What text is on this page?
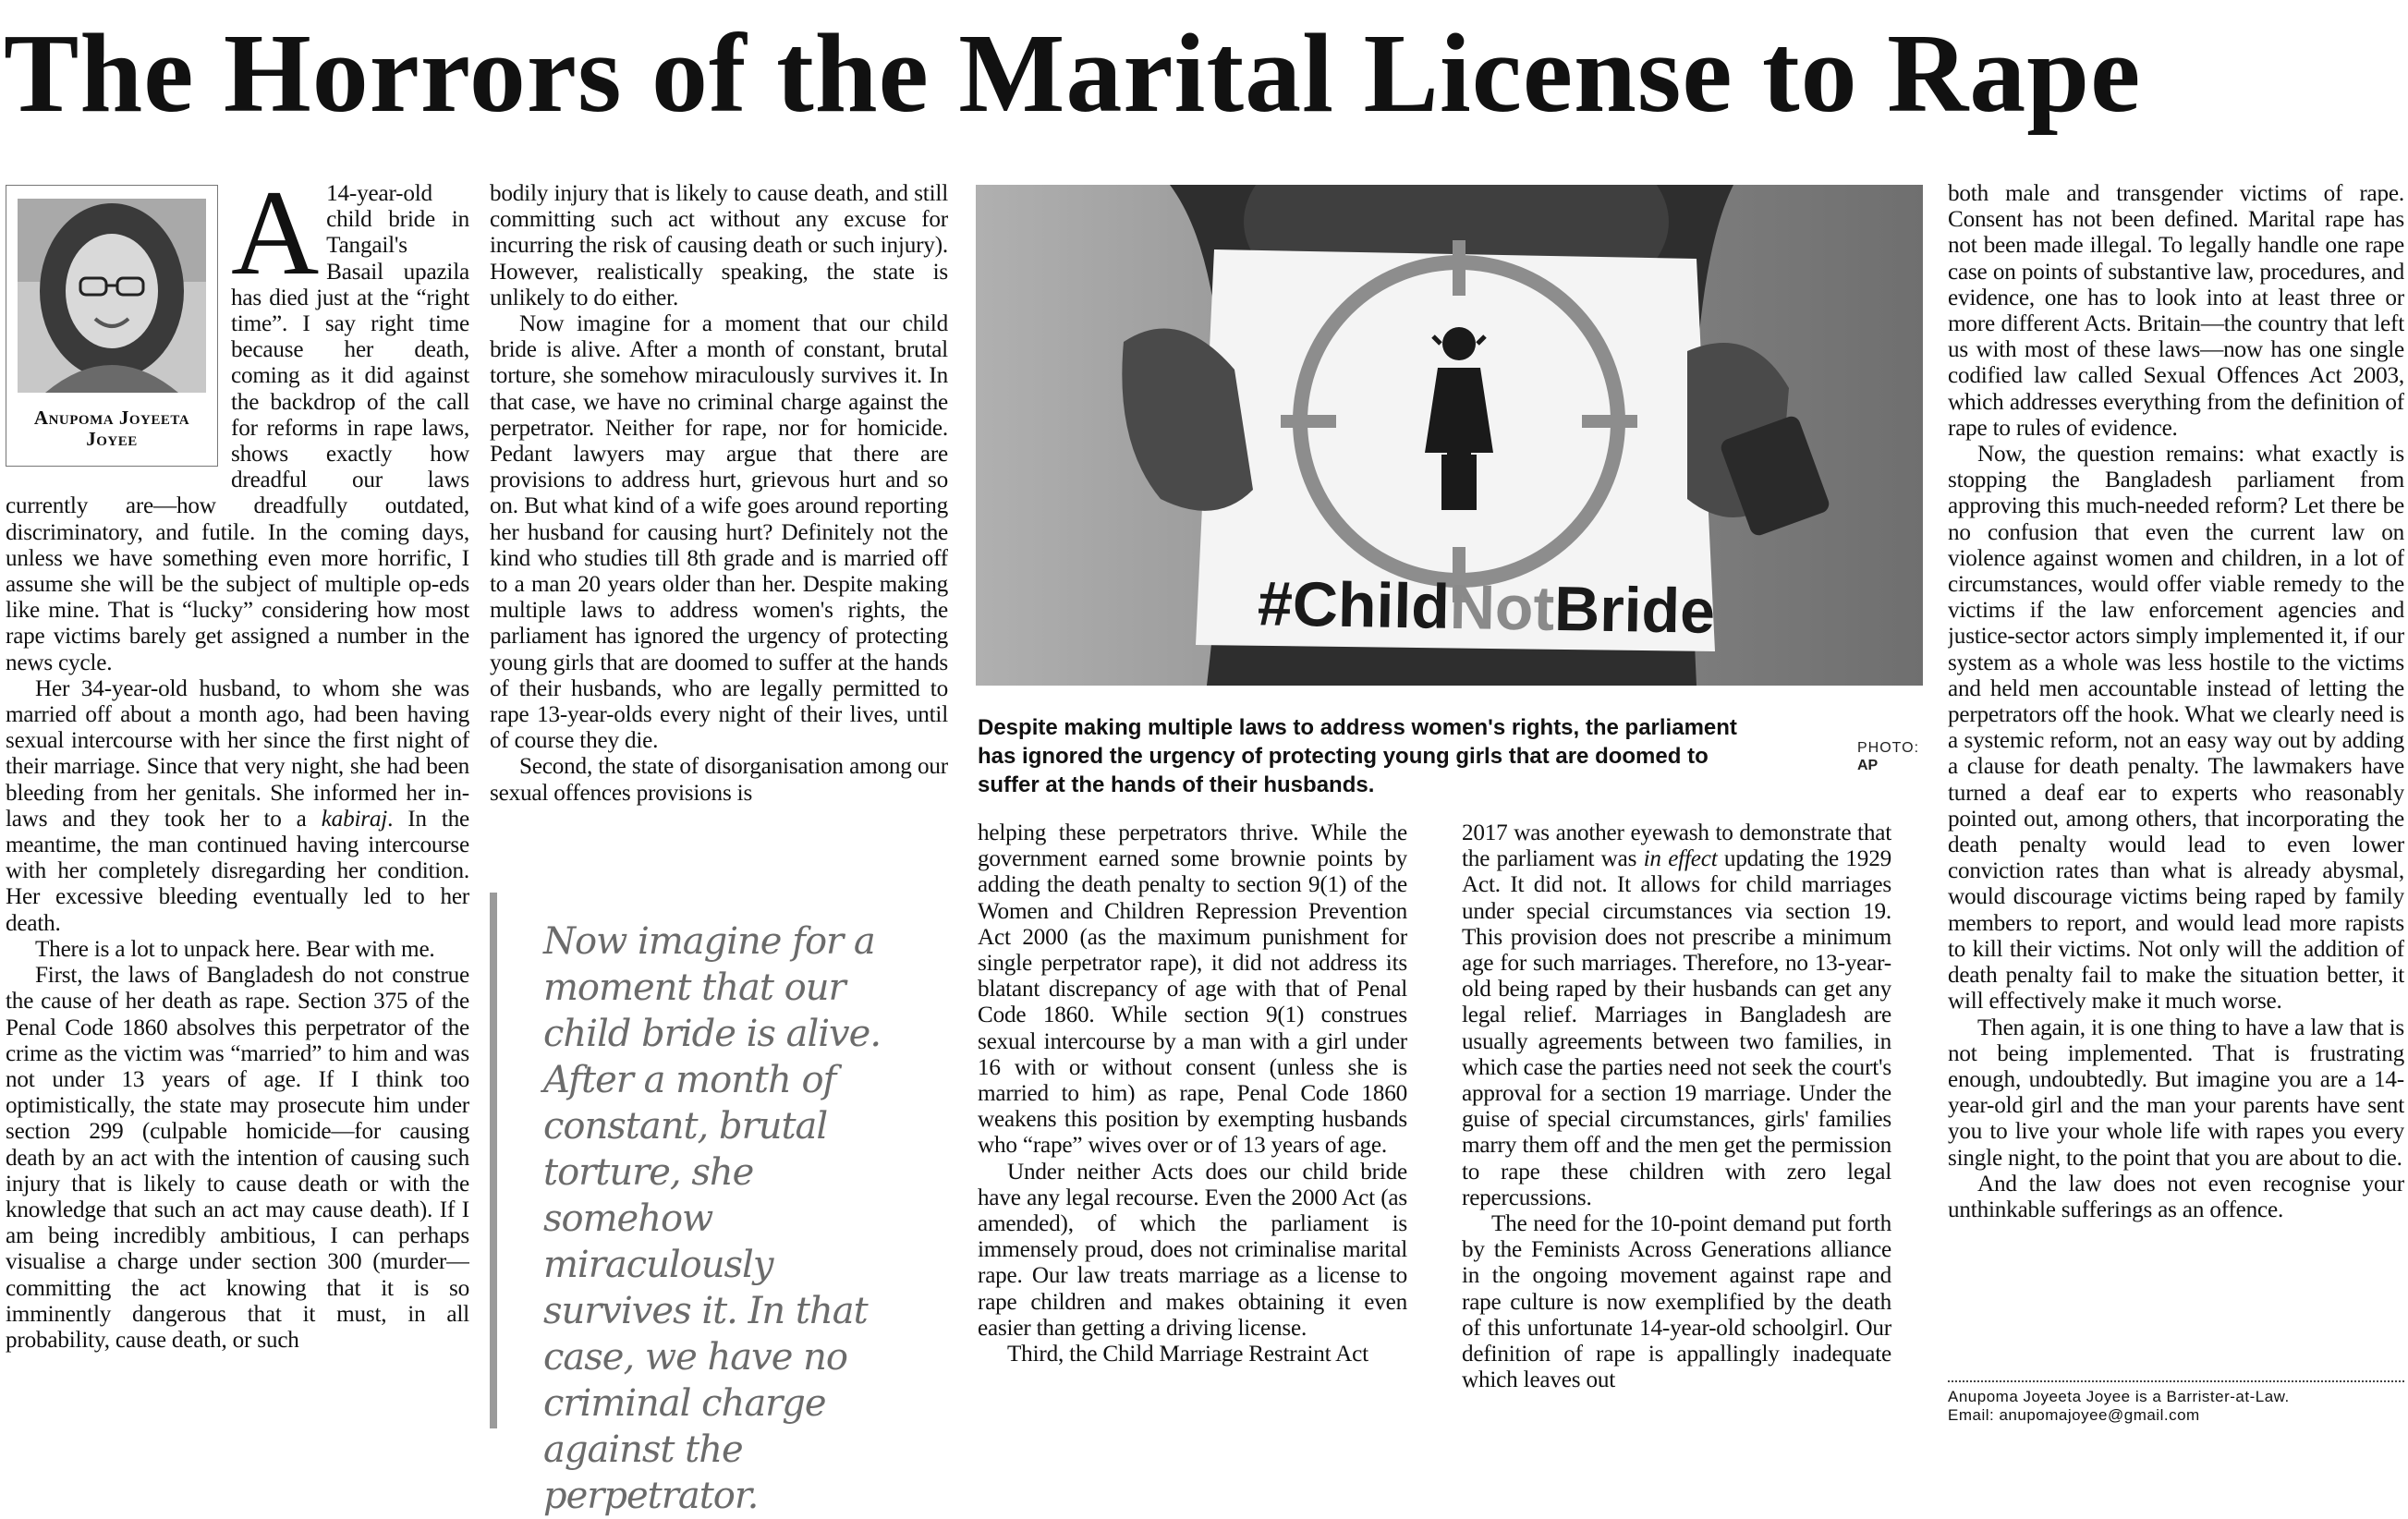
The Horrors of the Marital License to Rape
Anupoma Joyeeta
Joyee

A 14-year-old child bride in Tangail's Basail upazila has died just at the “right time”. I say right time because her death, coming as it did against the backdrop of the call for reforms in rape laws, shows exactly how dreadful our laws currently are—how dreadfully outdated, discriminatory, and futile. In the coming days, unless we have something even more horrific, I assume she will be the subject of multiple op-eds like mine. That is “lucky” considering how most rape victims barely get assigned a number in the news cycle.

Her 34-year-old husband, to whom she was married off about a month ago, had been having sexual intercourse with her since the first night of their marriage. Since that very night, she had been bleeding from her genitals. She informed her in-laws and they took her to a kabiraj. In the meantime, the man continued having intercourse with her completely disregarding her condition. Her excessive bleeding eventually led to her death.

There is a lot to unpack here. Bear with me.

First, the laws of Bangladesh do not construe the cause of her death as rape. Section 375 of the Penal Code 1860 absolves this perpetrator of the crime as the victim was “married” to him and was not under 13 years of age. If I think too optimistically, the state may prosecute him under section 299 (culpable homicide—for causing death by an act with the intention of causing such injury that is likely to cause death or with the knowledge that such an act may cause death). If I am being incredibly ambitious, I can perhaps visualise a charge under section 300 (murder—committing the act knowing that it is so imminently dangerous that it must, in all probability, cause death, or such

bodily injury that is likely to cause death, and still committing such act without any excuse for incurring the risk of causing death or such injury). However, realistically speaking, the state is unlikely to do either.

Now imagine for a moment that our child bride is alive. After a month of constant, brutal torture, she somehow miraculously survives it. In that case, we have no criminal charge against the perpetrator. Neither for rape, nor for homicide. Pedant lawyers may argue that there are provisions to address hurt, grievous hurt and so on. But what kind of a wife goes around reporting her husband for causing hurt? Definitely not the kind who studies till 8th grade and is married off to a man 20 years older than her. Despite making multiple laws to address women's rights, the parliament has ignored the urgency of protecting young girls that are doomed to suffer at the hands of their husbands, who are legally permitted to rape 13-year-olds every night of their lives, until of course they die.

Second, the state of disorganisation among our sexual offences provisions is

Now imagine for a moment that our child bride is alive. After a month of constant, brutal torture, she somehow miraculously survives it. In that case, we have no criminal charge against the perpetrator.
#ChildNotBride
Despite making multiple laws to address women's rights, the parliament has ignored the urgency of protecting young girls that are doomed to suffer at the hands of their husbands.
PHOTO:
AP

helping these perpetrators thrive. While the government earned some brownie points by adding the death penalty to section 9(1) of the Women and Children Repression Prevention Act 2000 (as the maximum punishment for single perpetrator rape), it did not address its blatant discrepancy of age with that of Penal Code 1860. While section 9(1) construes sexual intercourse by a man with a girl under 16 with or without consent (unless she is married to him) as rape, Penal Code 1860 weakens this position by exempting husbands who “rape” wives over or of 13 years of age.

Under neither Acts does our child bride have any legal recourse. Even the 2000 Act (as amended), of which the parliament is immensely proud, does not criminalise marital rape. Our law treats marriage as a license to rape children and makes obtaining it even easier than getting a driving license.

Third, the Child Marriage Restraint Act

2017 was another eyewash to demonstrate that the parliament was in effect updating the 1929 Act. It did not. It allows for child marriages under special circumstances via section 19. This provision does not prescribe a minimum age for such marriages. Therefore, no 13-year-old being raped by their husbands can get any legal relief. Marriages in Bangladesh are usually agreements between two families, in which case the parties need not seek the court's approval for a section 19 marriage. Under the guise of special circumstances, girls' families marry them off and the men get the permission to rape these children with zero legal repercussions.

The need for the 10-point demand put forth by the Feminists Across Generations alliance in the ongoing movement against rape and rape culture is now exemplified by the death of this unfortunate 14-year-old schoolgirl. Our definition of rape is appallingly inadequate which leaves out

both male and transgender victims of rape. Consent has not been defined. Marital rape has not been made illegal. To legally handle one rape case on points of substantive law, procedures, and evidence, one has to look into at least three or more different Acts. Britain—the country that left us with most of these laws—now has one single codified law called Sexual Offences Act 2003, which addresses everything from the definition of rape to rules of evidence.

Now, the question remains: what exactly is stopping the Bangladesh parliament from approving this much-needed reform? Let there be no confusion that even the current law on violence against women and children, in a lot of circumstances, would offer viable remedy to the victims if the law enforcement agencies and justice-sector actors simply implemented it, if our system as a whole was less hostile to the victims and held men accountable instead of letting the perpetrators off the hook. What we clearly need is a systemic reform, not an easy way out by adding a clause for death penalty. The lawmakers have turned a deaf ear to experts who reasonably pointed out, among others, that incorporating the death penalty would lead to even lower conviction rates than what is already abysmal, would discourage victims being raped by family members to report, and would lead more rapists to kill their victims. Not only will the addition of death penalty fail to make the situation better, it will effectively make it much worse.

Then again, it is one thing to have a law that is not being implemented. That is frustrating enough, undoubtedly. But imagine you are a 14-year-old girl and the man your parents have sent you to live your whole life with rapes you every single night, to the point that you are about to die.

And the law does not even recognise your unthinkable sufferings as an offence.

Anupoma Joyeeta Joyee is a Barrister-at-Law.
Email: anupomajoyee@gmail.com
